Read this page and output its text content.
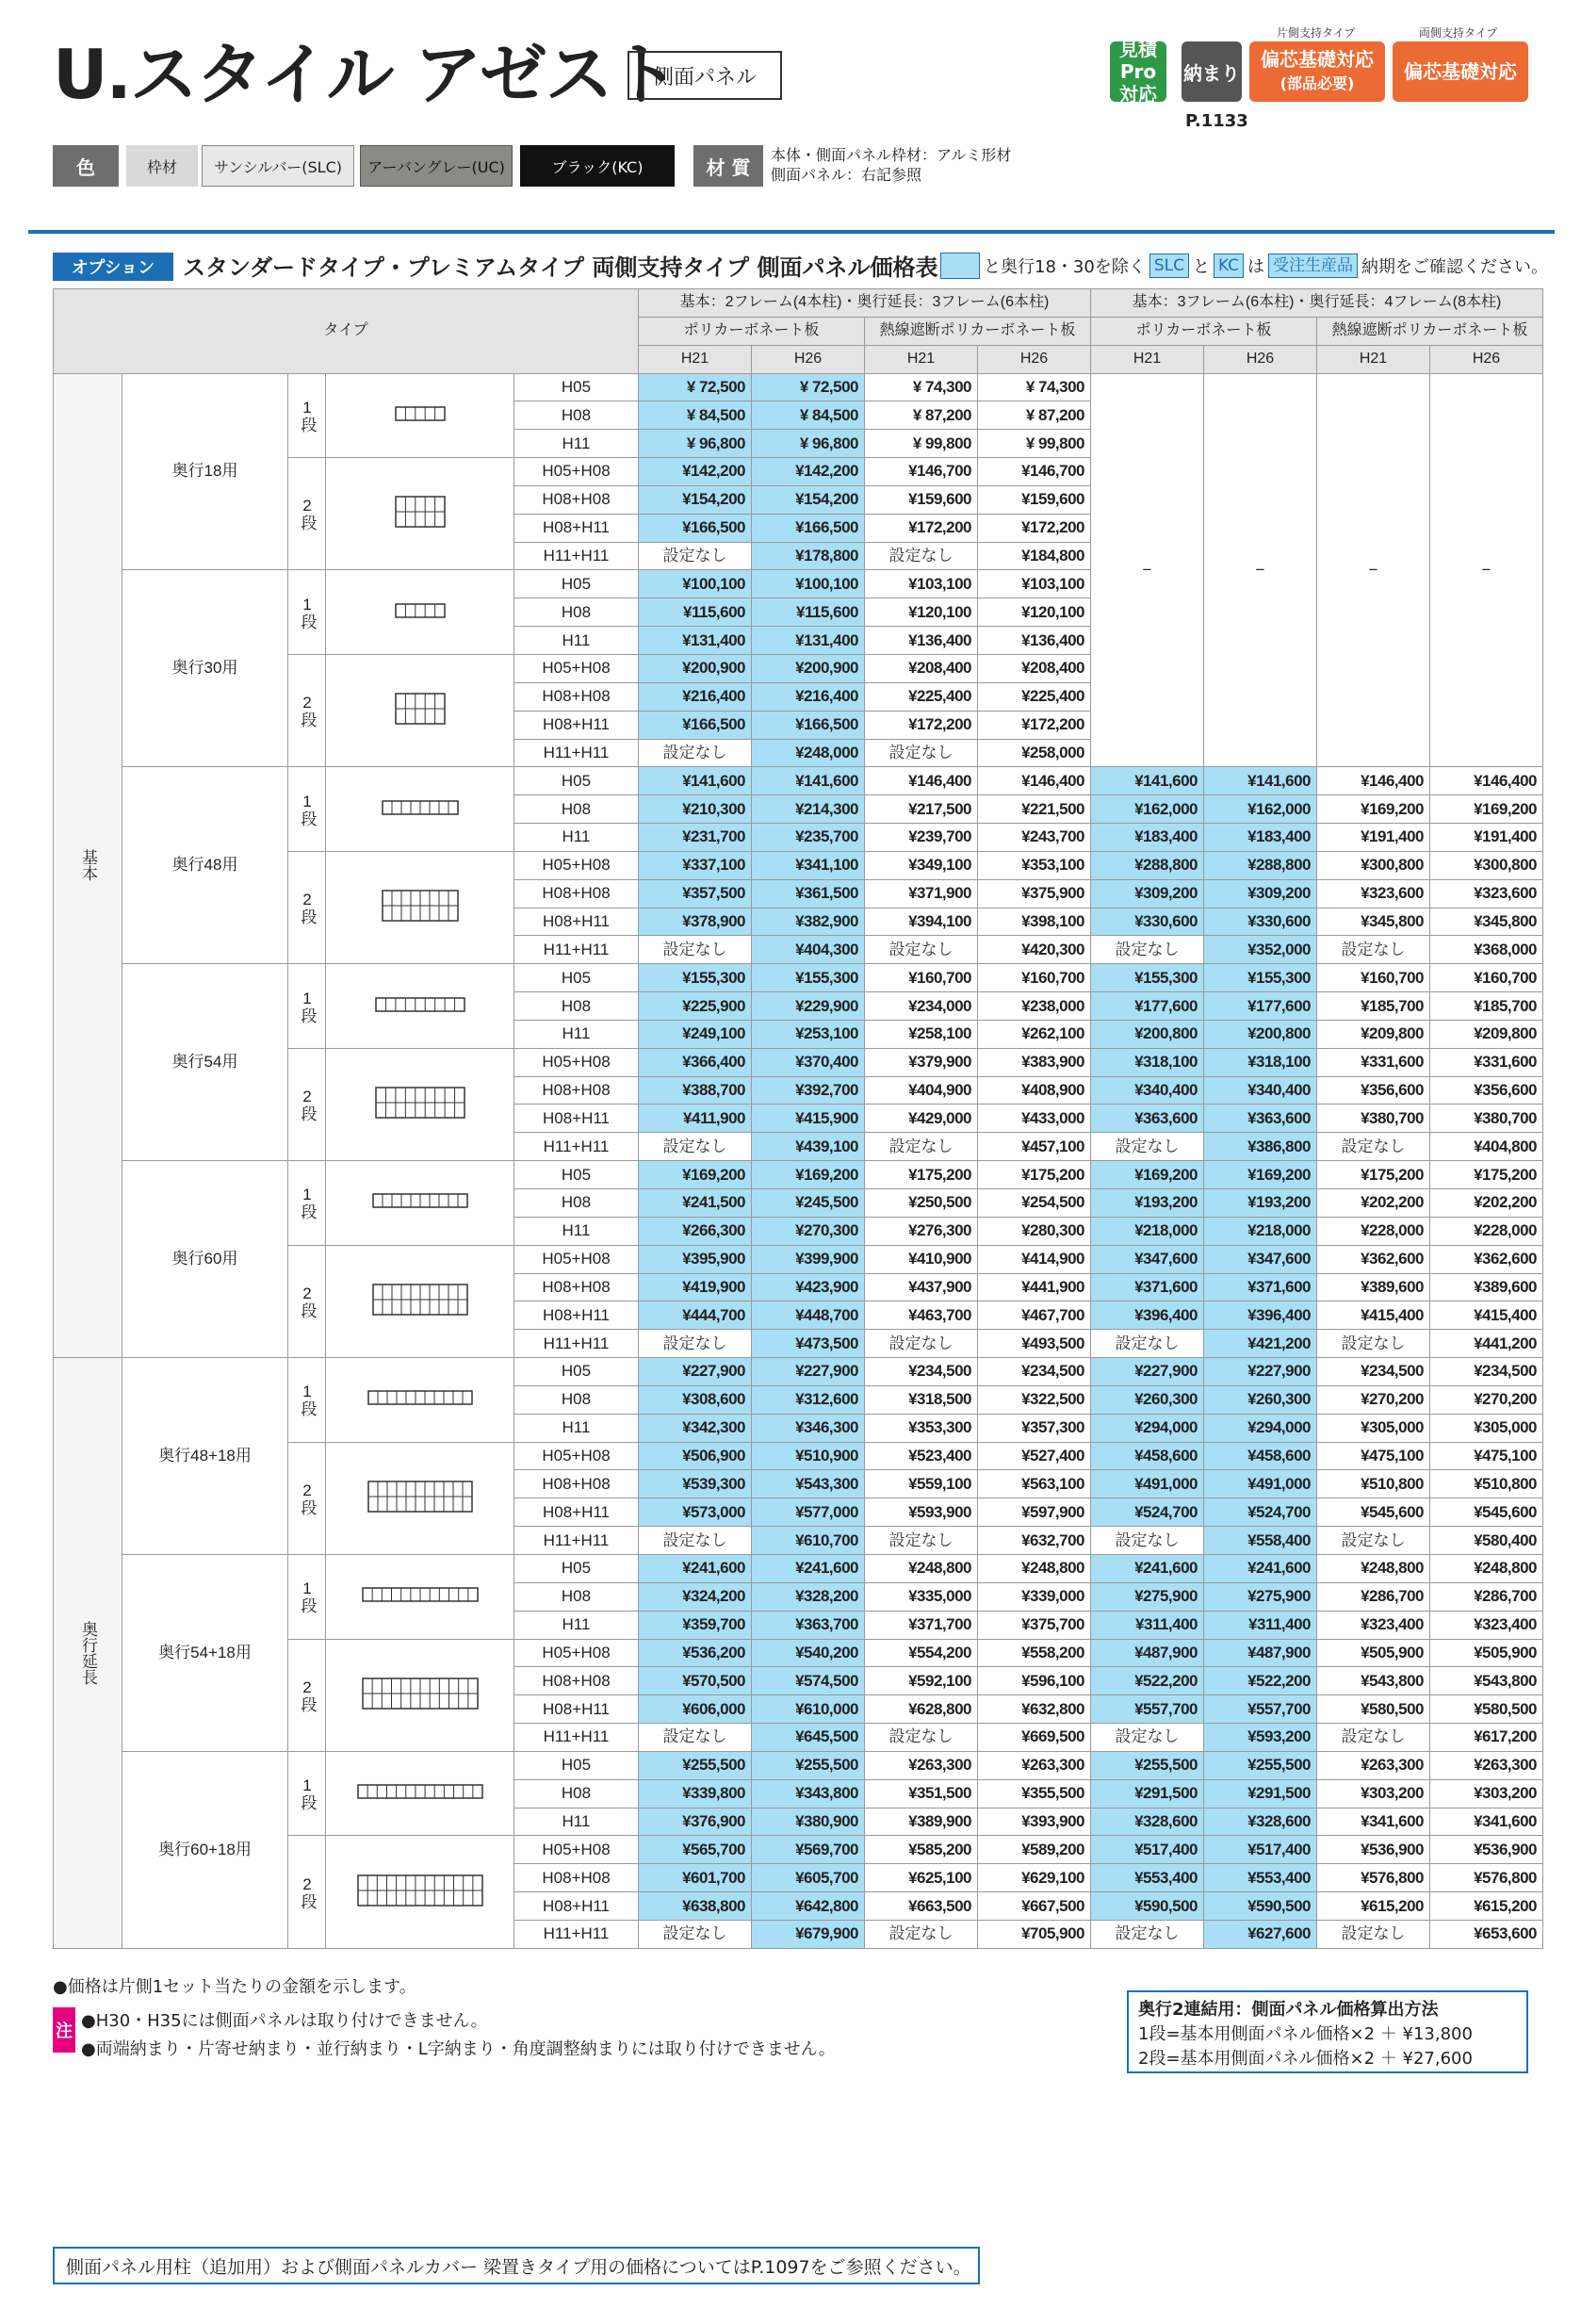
U.スタイル アゼスト
側面パネル
見積Pro
対応
納まり
片側支持タイプ
偏芯基礎対応
(部品必要)
両側支持タイプ
偏芯基礎対応
P.1133
色	枠材	サンシルバー(SLC)	アーバングレー(UC)	ブラック(KC)	材 質
本体・側面パネル枠材：アルミ形材
側面パネル：右記参照
オプション	スタンダードタイプ・プレミアムタイプ 両側支持タイプ 側面パネル価格表	と奥行18・30を除く SLC と KC は 受注生産品 納期をご確認ください。
タイプ					基本：2フレーム(4本柱)・奥行延長：3フレーム(6本柱)				基本：3フレーム(6本柱)・奥行延長：4フレーム(8本柱)			
					ポリカーボネート板		熱線遮断ポリカーボネート板		ポリカーボネート板		熱線遮断ポリカーボネート板	
					H21	H26	H21	H26	H21	H26	H21	H26
基本	奥行18用	1段		H05	¥ 72,500	¥ 72,500	¥ 74,300	¥ 74,300	−	−	−	−
				H08	¥ 84,500	¥ 84,500	¥ 87,200	¥ 87,200				
				H11	¥ 96,800	¥ 96,800	¥ 99,800	¥ 99,800				
		2段		H05+H08	¥142,200	¥142,200	¥146,700	¥146,700				
				H08+H08	¥154,200	¥154,200	¥159,600	¥159,600				
				H08+H11	¥166,500	¥166,500	¥172,200	¥172,200				
				H11+H11	設定なし	¥178,800	設定なし	¥184,800				
	奥行30用	1段		H05	¥100,100	¥100,100	¥103,100	¥103,100				
				H08	¥115,600	¥115,600	¥120,100	¥120,100				
				H11	¥131,400	¥131,400	¥136,400	¥136,400				
		2段		H05+H08	¥200,900	¥200,900	¥208,400	¥208,400				
				H08+H08	¥216,400	¥216,400	¥225,400	¥225,400				
				H08+H11	¥166,500	¥166,500	¥172,200	¥172,200				
				H11+H11	設定なし	¥248,000	設定なし	¥258,000				
	奥行48用	1段		H05	¥141,600	¥141,600	¥146,400	¥146,400	¥141,600	¥141,600	¥146,400	¥146,400
				H08	¥210,300	¥214,300	¥217,500	¥221,500	¥162,000	¥162,000	¥169,200	¥169,200
				H11	¥231,700	¥235,700	¥239,700	¥243,700	¥183,400	¥183,400	¥191,400	¥191,400
		2段		H05+H08	¥337,100	¥341,100	¥349,100	¥353,100	¥288,800	¥288,800	¥300,800	¥300,800
				H08+H08	¥357,500	¥361,500	¥371,900	¥375,900	¥309,200	¥309,200	¥323,600	¥323,600
				H08+H11	¥378,900	¥382,900	¥394,100	¥398,100	¥330,600	¥330,600	¥345,800	¥345,800
				H11+H11	設定なし	¥404,300	設定なし	¥420,300	設定なし	¥352,000	設定なし	¥368,000
	奥行54用	1段		H05	¥155,300	¥155,300	¥160,700	¥160,700	¥155,300	¥155,300	¥160,700	¥160,700
				H08	¥225,900	¥229,900	¥234,000	¥238,000	¥177,600	¥177,600	¥185,700	¥185,700
				H11	¥249,100	¥253,100	¥258,100	¥262,100	¥200,800	¥200,800	¥209,800	¥209,800
		2段		H05+H08	¥366,400	¥370,400	¥379,900	¥383,900	¥318,100	¥318,100	¥331,600	¥331,600
				H08+H08	¥388,700	¥392,700	¥404,900	¥408,900	¥340,400	¥340,400	¥356,600	¥356,600
				H08+H11	¥411,900	¥415,900	¥429,000	¥433,000	¥363,600	¥363,600	¥380,700	¥380,700
				H11+H11	設定なし	¥439,100	設定なし	¥457,100	設定なし	¥386,800	設定なし	¥404,800
	奥行60用	1段		H05	¥169,200	¥169,200	¥175,200	¥175,200	¥169,200	¥169,200	¥175,200	¥175,200
				H08	¥241,500	¥245,500	¥250,500	¥254,500	¥193,200	¥193,200	¥202,200	¥202,200
				H11	¥266,300	¥270,300	¥276,300	¥280,300	¥218,000	¥218,000	¥228,000	¥228,000
		2段		H05+H08	¥395,900	¥399,900	¥410,900	¥414,900	¥347,600	¥347,600	¥362,600	¥362,600
				H08+H08	¥419,900	¥423,900	¥437,900	¥441,900	¥371,600	¥371,600	¥389,600	¥389,600
				H08+H11	¥444,700	¥448,700	¥463,700	¥467,700	¥396,400	¥396,400	¥415,400	¥415,400
				H11+H11	設定なし	¥473,500	設定なし	¥493,500	設定なし	¥421,200	設定なし	¥441,200
奥行延長	奥行48+18用	1段		H05	¥227,900	¥227,900	¥234,500	¥234,500	¥227,900	¥227,900	¥234,500	¥234,500
				H08	¥308,600	¥312,600	¥318,500	¥322,500	¥260,300	¥260,300	¥270,200	¥270,200
				H11	¥342,300	¥346,300	¥353,300	¥357,300	¥294,000	¥294,000	¥305,000	¥305,000
		2段		H05+H08	¥506,900	¥510,900	¥523,400	¥527,400	¥458,600	¥458,600	¥475,100	¥475,100
				H08+H08	¥539,300	¥543,300	¥559,100	¥563,100	¥491,000	¥491,000	¥510,800	¥510,800
				H08+H11	¥573,000	¥577,000	¥593,900	¥597,900	¥524,700	¥524,700	¥545,600	¥545,600
				H11+H11	設定なし	¥610,700	設定なし	¥632,700	設定なし	¥558,400	設定なし	¥580,400
	奥行54+18用	1段		H05	¥241,600	¥241,600	¥248,800	¥248,800	¥241,600	¥241,600	¥248,800	¥248,800
				H08	¥324,200	¥328,200	¥335,000	¥339,000	¥275,900	¥275,900	¥286,700	¥286,700
				H11	¥359,700	¥363,700	¥371,700	¥375,700	¥311,400	¥311,400	¥323,400	¥323,400
		2段		H05+H08	¥536,200	¥540,200	¥554,200	¥558,200	¥487,900	¥487,900	¥505,900	¥505,900
				H08+H08	¥570,500	¥574,500	¥592,100	¥596,100	¥522,200	¥522,200	¥543,800	¥543,800
				H08+H11	¥606,000	¥610,000	¥628,800	¥632,800	¥557,700	¥557,700	¥580,500	¥580,500
				H11+H11	設定なし	¥645,500	設定なし	¥669,500	設定なし	¥593,200	設定なし	¥617,200
	奥行60+18用	1段		H05	¥255,500	¥255,500	¥263,300	¥263,300	¥255,500	¥255,500	¥263,300	¥263,300
				H08	¥339,800	¥343,800	¥351,500	¥355,500	¥291,500	¥291,500	¥303,200	¥303,200
				H11	¥376,900	¥380,900	¥389,900	¥393,900	¥328,600	¥328,600	¥341,600	¥341,600
		2段		H05+H08	¥565,700	¥569,700	¥585,200	¥589,200	¥517,400	¥517,400	¥536,900	¥536,900
				H08+H08	¥601,700	¥605,700	¥625,100	¥629,100	¥553,400	¥553,400	¥576,800	¥576,800
				H08+H11	¥638,800	¥642,800	¥663,500	¥667,500	¥590,500	¥590,500	¥615,200	¥615,200
				H11+H11	設定なし	¥679,900	設定なし	¥705,900	設定なし	¥627,600	設定なし	¥653,600
●価格は片側1セット当たりの金額を示します。
●H30・H35には側面パネルは取り付けできません。
●両端納まり・片寄せ納まり・並行納まり・L字納まり・角度調整納まりには取り付けできません。
注
奥行2連結用：側面パネル価格算出方法
1段=基本用側面パネル価格×2 ＋ ¥13,800
2段=基本用側面パネル価格×2 ＋ ¥27,600
側面パネル用柱（追加用）および側面パネルカバー 梁置きタイプ用の価格についてはP.1097をご参照ください。
